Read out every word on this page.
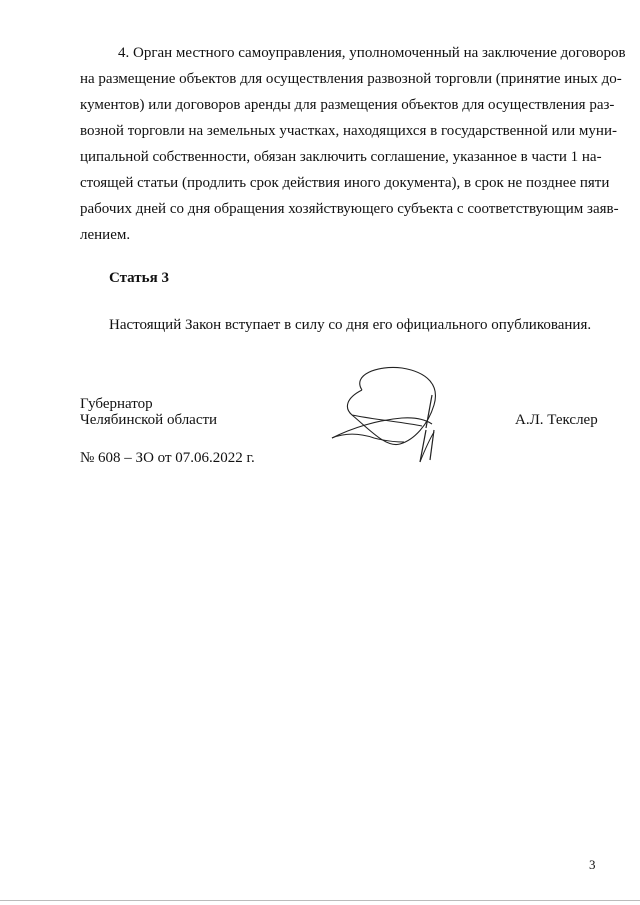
4. Орган местного самоуправления, уполномоченный на заключение договоров
на размещение объектов для осуществления развозной торговли (принятие иных до-
кументов) или договоров аренды для размещения объектов для осуществления раз-
возной торговли на земельных участках, находящихся в государственной или муни-
ципальной собственности, обязан заключить соглашение, указанное в части 1 на-
стоящей статьи (продлить срок действия иного документа), в срок не позднее пяти
рабочих дней со дня обращения хозяйствующего субъекта с соответствующим заяв-
лением.
Статья 3
Настоящий Закон вступает в силу со дня его официального опубликования.
Губернатор
Челябинской области	А.Л. Текслер
№ 608 – ЗО от 07.06.2022 г.
3
